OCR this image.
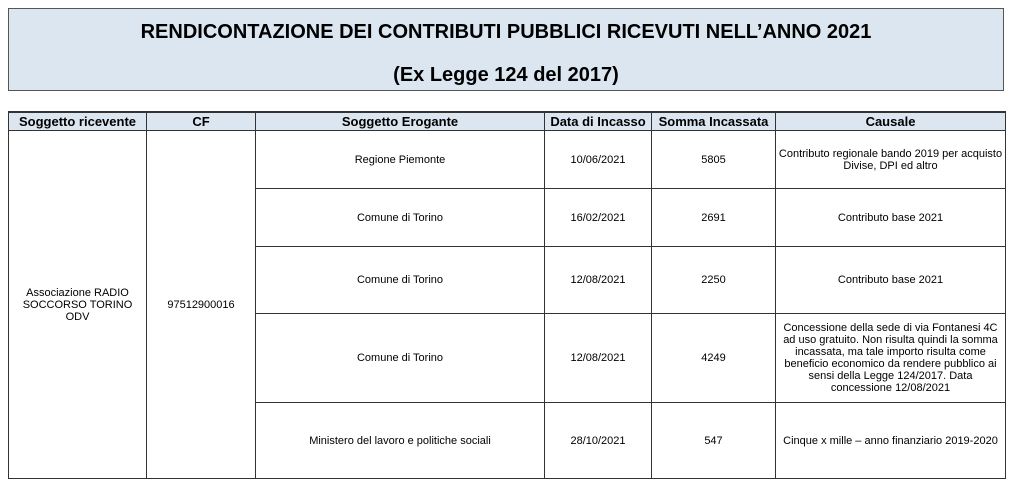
RENDICONTAZIONE DEI CONTRIBUTI PUBBLICI RICEVUTI NELL’ANNO 2021
(Ex Legge 124 del 2017)
Soggetto ricevente	CF	Soggetto Erogante	Data di Incasso	Somma Incassata	Causale
Associazione RADIO SOCCORSO TORINO ODV	97512900016	Regione Piemonte	10/06/2021	5805	Contributo regionale bando 2019 per acquisto Divise, DPI ed altro
		Comune di Torino	16/02/2021	2691	Contributo base 2021
		Comune di Torino	12/08/2021	2250	Contributo base 2021
		Comune di Torino	12/08/2021	4249	Concessione della sede di via Fontanesi 4C ad uso gratuito. Non risulta quindi la somma incassata, ma tale importo risulta come beneficio economico da rendere pubblico ai sensi della Legge 124/2017. Data concessione 12/08/2021
		Ministero del lavoro e politiche sociali	28/10/2021	547	Cinque x mille – anno finanziario 2019-2020
